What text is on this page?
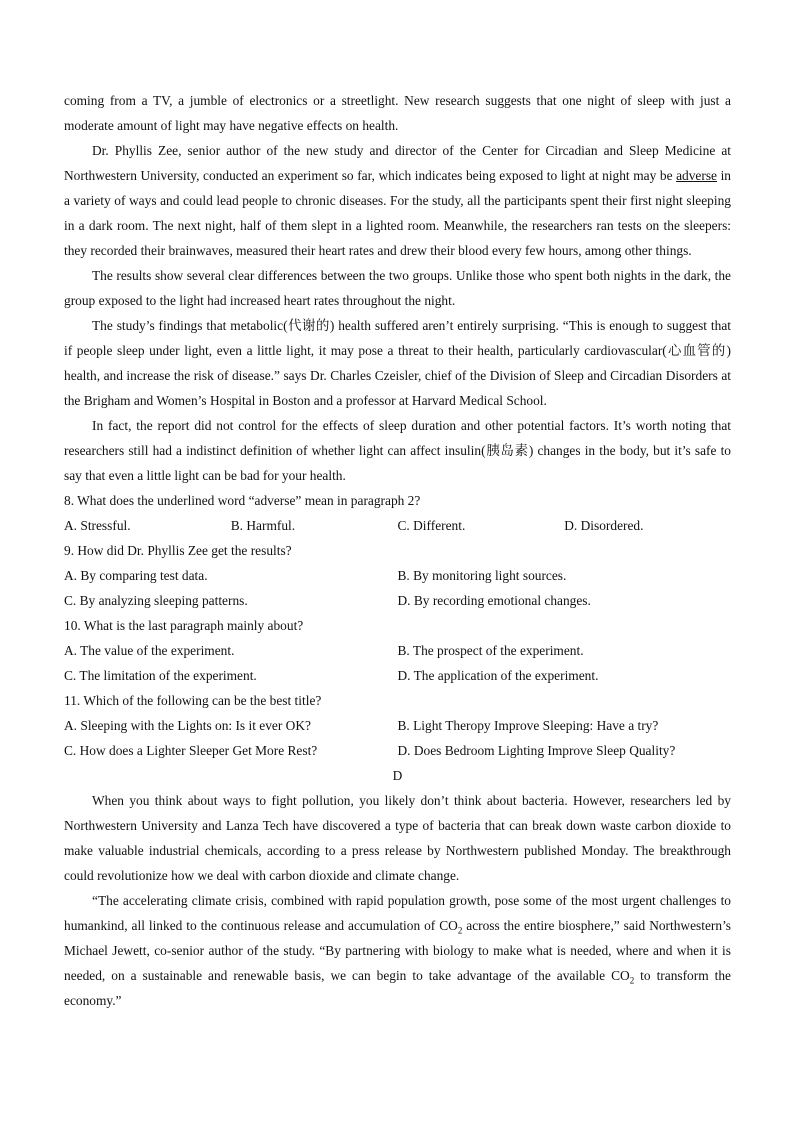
coming from a TV, a jumble of electronics or a streetlight. New research suggests that one night of sleep with just a moderate amount of light may have negative effects on health.

Dr. Phyllis Zee, senior author of the new study and director of the Center for Circadian and Sleep Medicine at Northwestern University, conducted an experiment so far, which indicates being exposed to light at night may be adverse in a variety of ways and could lead people to chronic diseases. For the study, all the participants spent their first night sleeping in a dark room. The next night, half of them slept in a lighted room. Meanwhile, the researchers ran tests on the sleepers: they recorded their brainwaves, measured their heart rates and drew their blood every few hours, among other things.

The results show several clear differences between the two groups. Unlike those who spent both nights in the dark, the group exposed to the light had increased heart rates throughout the night.

The study’s findings that metabolic(代谢的) health suffered aren’t entirely surprising. “This is enough to suggest that if people sleep under light, even a little light, it may pose a threat to their health, particularly cardiovascular(心血管的) health, and increase the risk of disease.” says Dr. Charles Czeisler, chief of the Division of Sleep and Circadian Disorders at the Brigham and Women’s Hospital in Boston and a professor at Harvard Medical School.

In fact, the report did not control for the effects of sleep duration and other potential factors. It’s worth noting that researchers still had a indistinct definition of whether light can affect insulin(胰岛素) changes in the body, but it’s safe to say that even a little light can be bad for your health.

8. What does the underlined word “adverse” mean in paragraph 2?
A. Stressful.	B. Harmful.	C. Different.	D. Disordered.
9. How did Dr. Phyllis Zee get the results?
A. By comparing test data.	B. By monitoring light sources.
C. By analyzing sleeping patterns.	D. By recording emotional changes.
10. What is the last paragraph mainly about?
A. The value of the experiment.	B. The prospect of the experiment.
C. The limitation of the experiment.	D. The application of the experiment.
11. Which of the following can be the best title?
A. Sleeping with the Lights on: Is it ever OK?	B. Light Theropy Improve Sleeping: Have a try?
C. How does a Lighter Sleeper Get More Rest?	D. Does Bedroom Lighting Improve Sleep Quality?
D

When you think about ways to fight pollution, you likely don’t think about bacteria. However, researchers led by Northwestern University and Lanza Tech have discovered a type of bacteria that can break down waste carbon dioxide to make valuable industrial chemicals, according to a press release by Northwestern published Monday. The breakthrough could revolutionize how we deal with carbon dioxide and climate change.

“The accelerating climate crisis, combined with rapid population growth, pose some of the most urgent challenges to humankind, all linked to the continuous release and accumulation of $CO_2$ across the entire biosphere,” said Northwestern’s Michael Jewett, co-senior author of the study. “By partnering with biology to make what is needed, where and when it is needed, on a sustainable and renewable basis, we can begin to take advantage of the available $CO_2$ to transform the economy.”
